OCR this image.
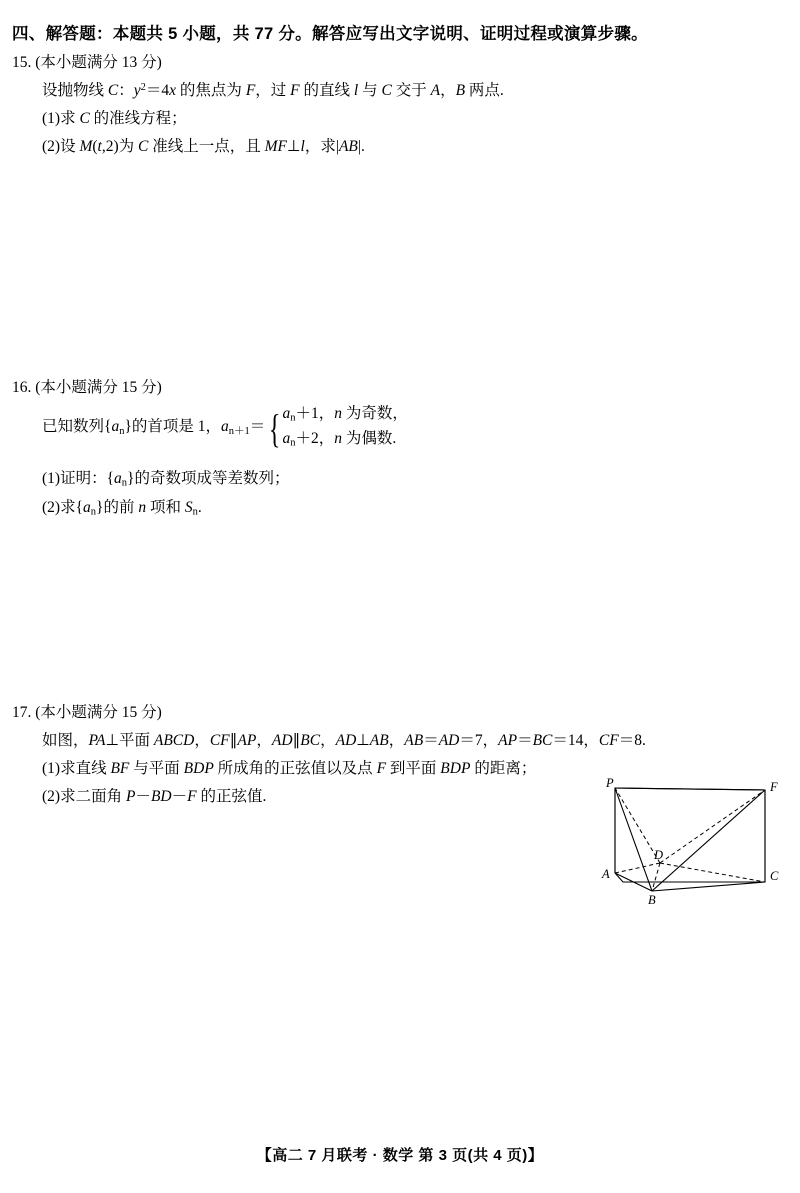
四、解答题：本题共 5 小题，共 77 分。解答应写出文字说明、证明过程或演算步骤。
15. (本小题满分 13 分)
设抛物线 C：$y^2=4x$ 的焦点为 F，过 F 的直线 l 与 C 交于 A，B 两点.
(1)求 C 的准线方程；
(2)设 M(t,2)为 C 准线上一点，且 MF⊥l，求|AB|.
16. (本小题满分 15 分)
已知数列$\{a_n\}$的首项是 1，$a_{n+1}=$ { $a_n+1$，n 为奇数，
$a_n+2$，n 为偶数.
(1)证明：$\{a_n\}$的奇数项成等差数列；
(2)求$\{a_n\}$的前 n 项和 $S_n$.
17. (本小题满分 15 分)
如图，PA⊥平面 ABCD，CF∥AP，AD∥BC，AD⊥AB，AB＝AD＝7，AP＝BC＝14，CF＝8.
(1)求直线 BF 与平面 BDP 所成角的正弦值以及点 F 到平面 BDP 的距离；
(2)求二面角 P－BD－F 的正弦值.
P	F
D
C
A
B
【高二 7 月联考 · 数学 第 3 页(共 4 页)】
